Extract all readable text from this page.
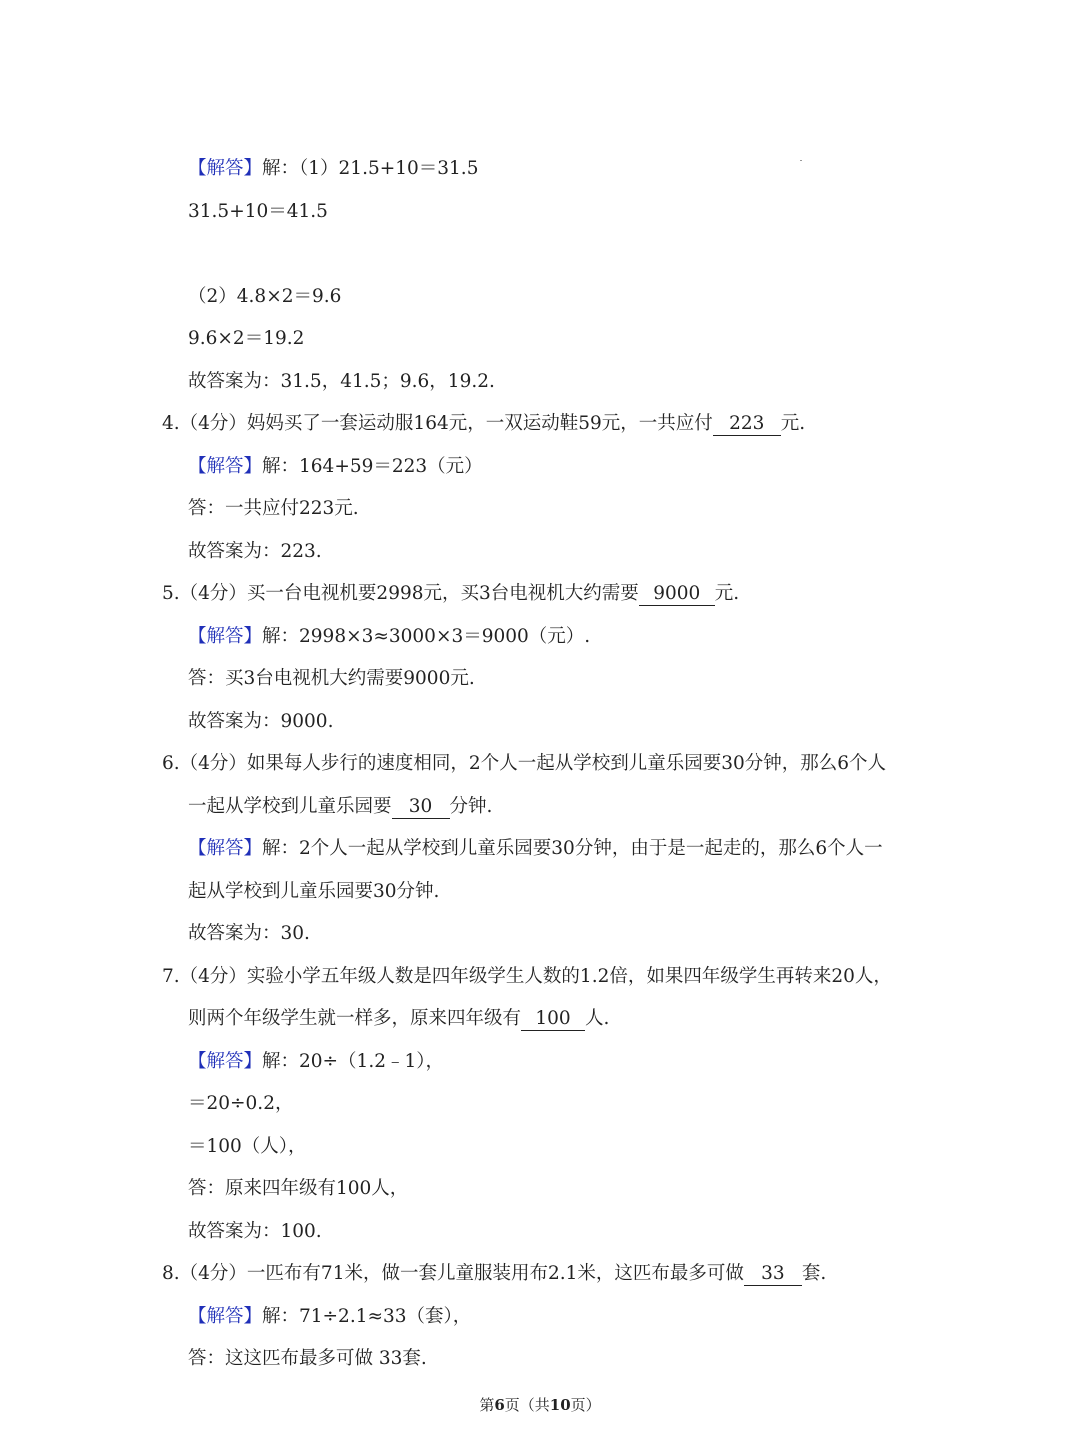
【解答】解：（1）21.5+10＝31.5
31.5+10＝41.5
（2）4.8×2＝9.6
9.6×2＝19.2
故答案为：31.5，41.5；9.6，19.2.
4.（4分）妈妈买了一套运动服164元，一双运动鞋59元，一共应付 223 元.
【解答】解：164+59＝223（元）
答：一共应付223元.
故答案为：223.
5.（4分）买一台电视机要2998元，买3台电视机大约需要 9000 元.
【解答】解：2998×3≈3000×3＝9000（元）.
答：买3台电视机大约需要9000元.
故答案为：9000.
6.（4分）如果每人步行的速度相同，2个人一起从学校到儿童乐园要30分钟，那么6个人
一起从学校到儿童乐园要 30 分钟.
【解答】解：2个人一起从学校到儿童乐园要30分钟，由于是一起走的，那么6个人一
起从学校到儿童乐园要30分钟.
故答案为：30.
7.（4分）实验小学五年级人数是四年级学生人数的1.2倍，如果四年级学生再转来20人，
则两个年级学生就一样多，原来四年级有 100 人.
【解答】解：20÷（1.2﹣1），
＝20÷0.2，
＝100（人），
答：原来四年级有100人，
故答案为：100.
8.（4分）一匹布有71米，做一套儿童服装用布2.1米，这匹布最多可做 33 套.
【解答】解：71÷2.1≈33（套），
答：这这匹布最多可做 33套.
第6页（共10页）
